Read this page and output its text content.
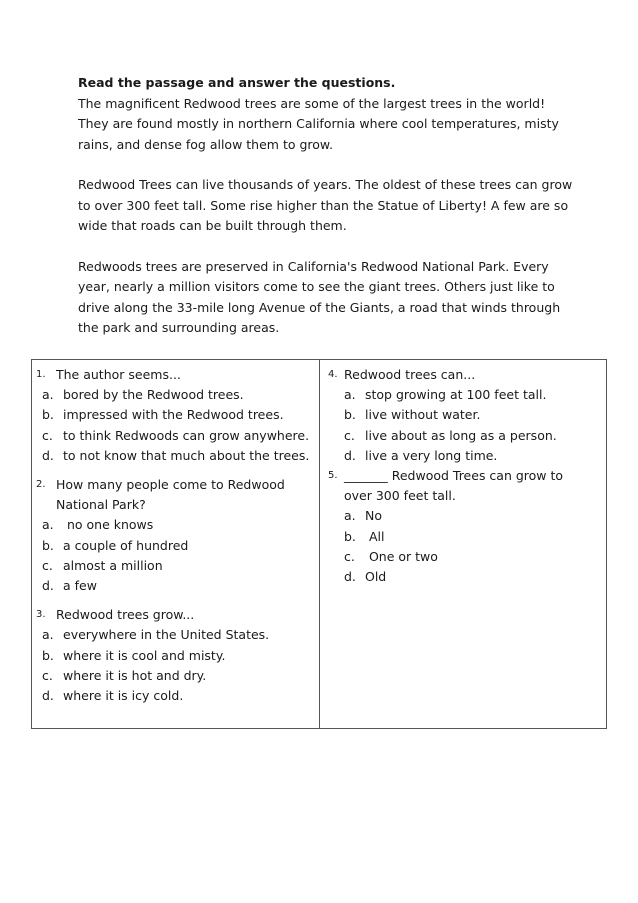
Read the passage and answer the questions.

The magnificent Redwood trees are some of the largest trees in the world!
They are found mostly in northern California where cool temperatures, misty
rains, and dense fog allow them to grow.

Redwood Trees can live thousands of years. The oldest of these trees can grow
to over 300 feet tall. Some rise higher than the Statue of Liberty! A few are so
wide that roads can be built through them.

Redwoods trees are preserved in California's Redwood National Park. Every
year, nearly a million visitors come to see the giant trees. Others just like to
drive along the 33-mile long Avenue of the Giants, a road that winds through
the park and surrounding areas.

1. The author seems...
a. bored by the Redwood trees.
b. impressed with the Redwood trees.
c. to think Redwoods can grow anywhere.
d. to not know that much about the trees.
2. How many people come to Redwood
National Park?
a. no one knows
b. a couple of hundred
c. almost a million
d. a few
3. Redwood trees grow...
a. everywhere in the United States.
b. where it is cool and misty.
c. where it is hot and dry.
d. where it is icy cold.
4. Redwood trees can...
a. stop growing at 100 feet tall.
b. live without water.
c. live about as long as a person.
d. live a very long time.
5. _______ Redwood Trees can grow to
over 300 feet tall.
a. No
b. All
c. One or two
d. Old
